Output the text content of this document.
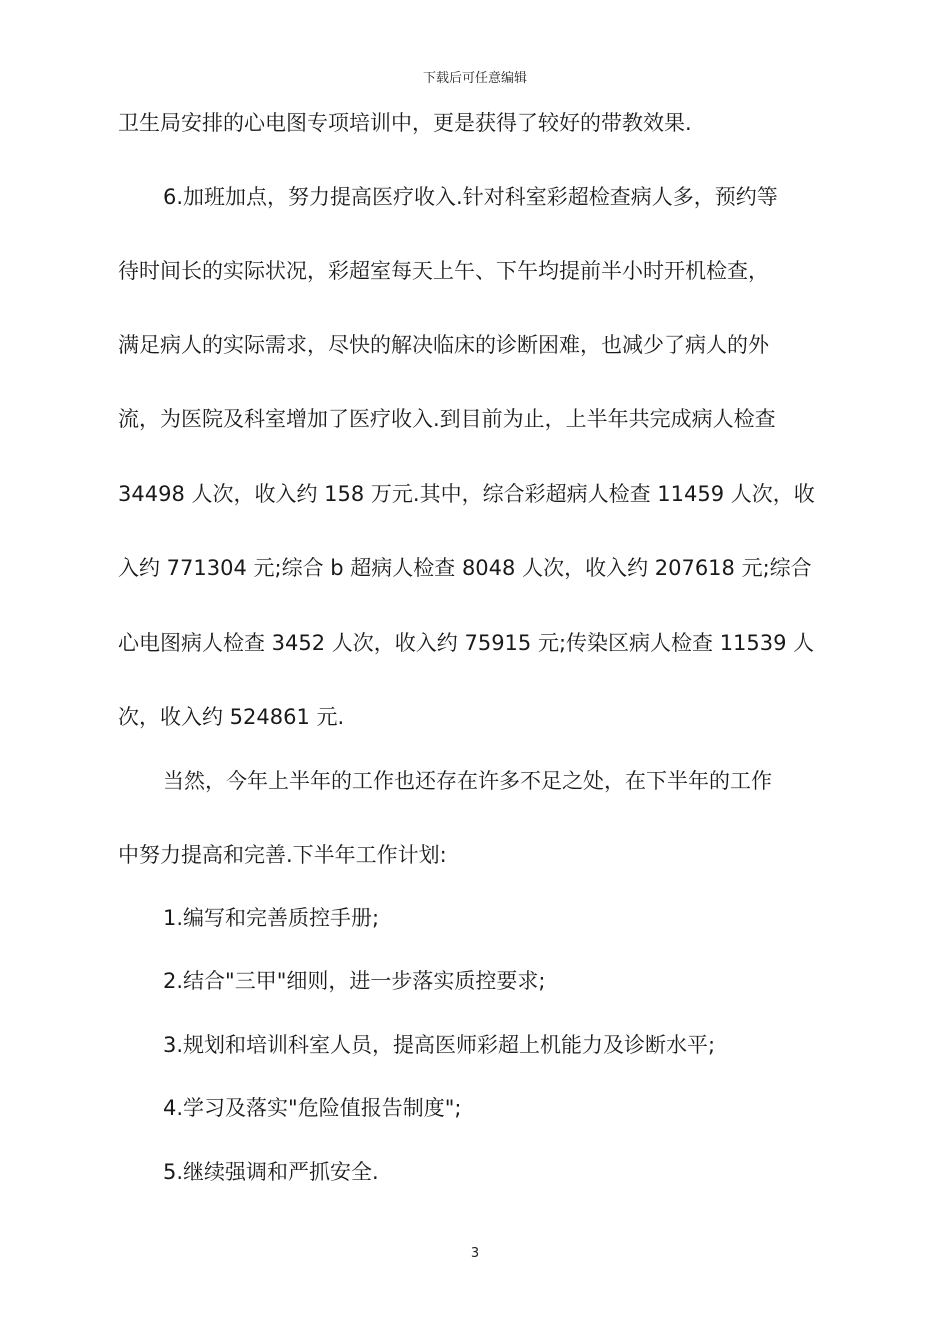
下载后可任意编辑
卫生局安排的心电图专项培训中，更是获得了较好的带教效果.
6.加班加点，努力提高医疗收入.针对科室彩超检查病人多，预约等
待时间长的实际状况，彩超室每天上午、下午均提前半小时开机检查，
满足病人的实际需求，尽快的解决临床的诊断困难，也减少了病人的外
流，为医院及科室增加了医疗收入.到目前为止，上半年共完成病人检查
34498 人次，收入约 158 万元.其中，综合彩超病人检查 11459 人次，收
入约 771304 元;综合 b 超病人检查 8048 人次，收入约 207618 元;综合
心电图病人检查 3452 人次，收入约 75915 元;传染区病人检查 11539 人
次，收入约 524861 元.
当然，今年上半年的工作也还存在许多不足之处，在下半年的工作
中努力提高和完善.下半年工作计划:
1.编写和完善质控手册;
2.结合"三甲"细则，进一步落实质控要求;
3.规划和培训科室人员，提高医师彩超上机能力及诊断水平;
4.学习及落实"危险值报告制度";
5.继续强调和严抓安全.
3
